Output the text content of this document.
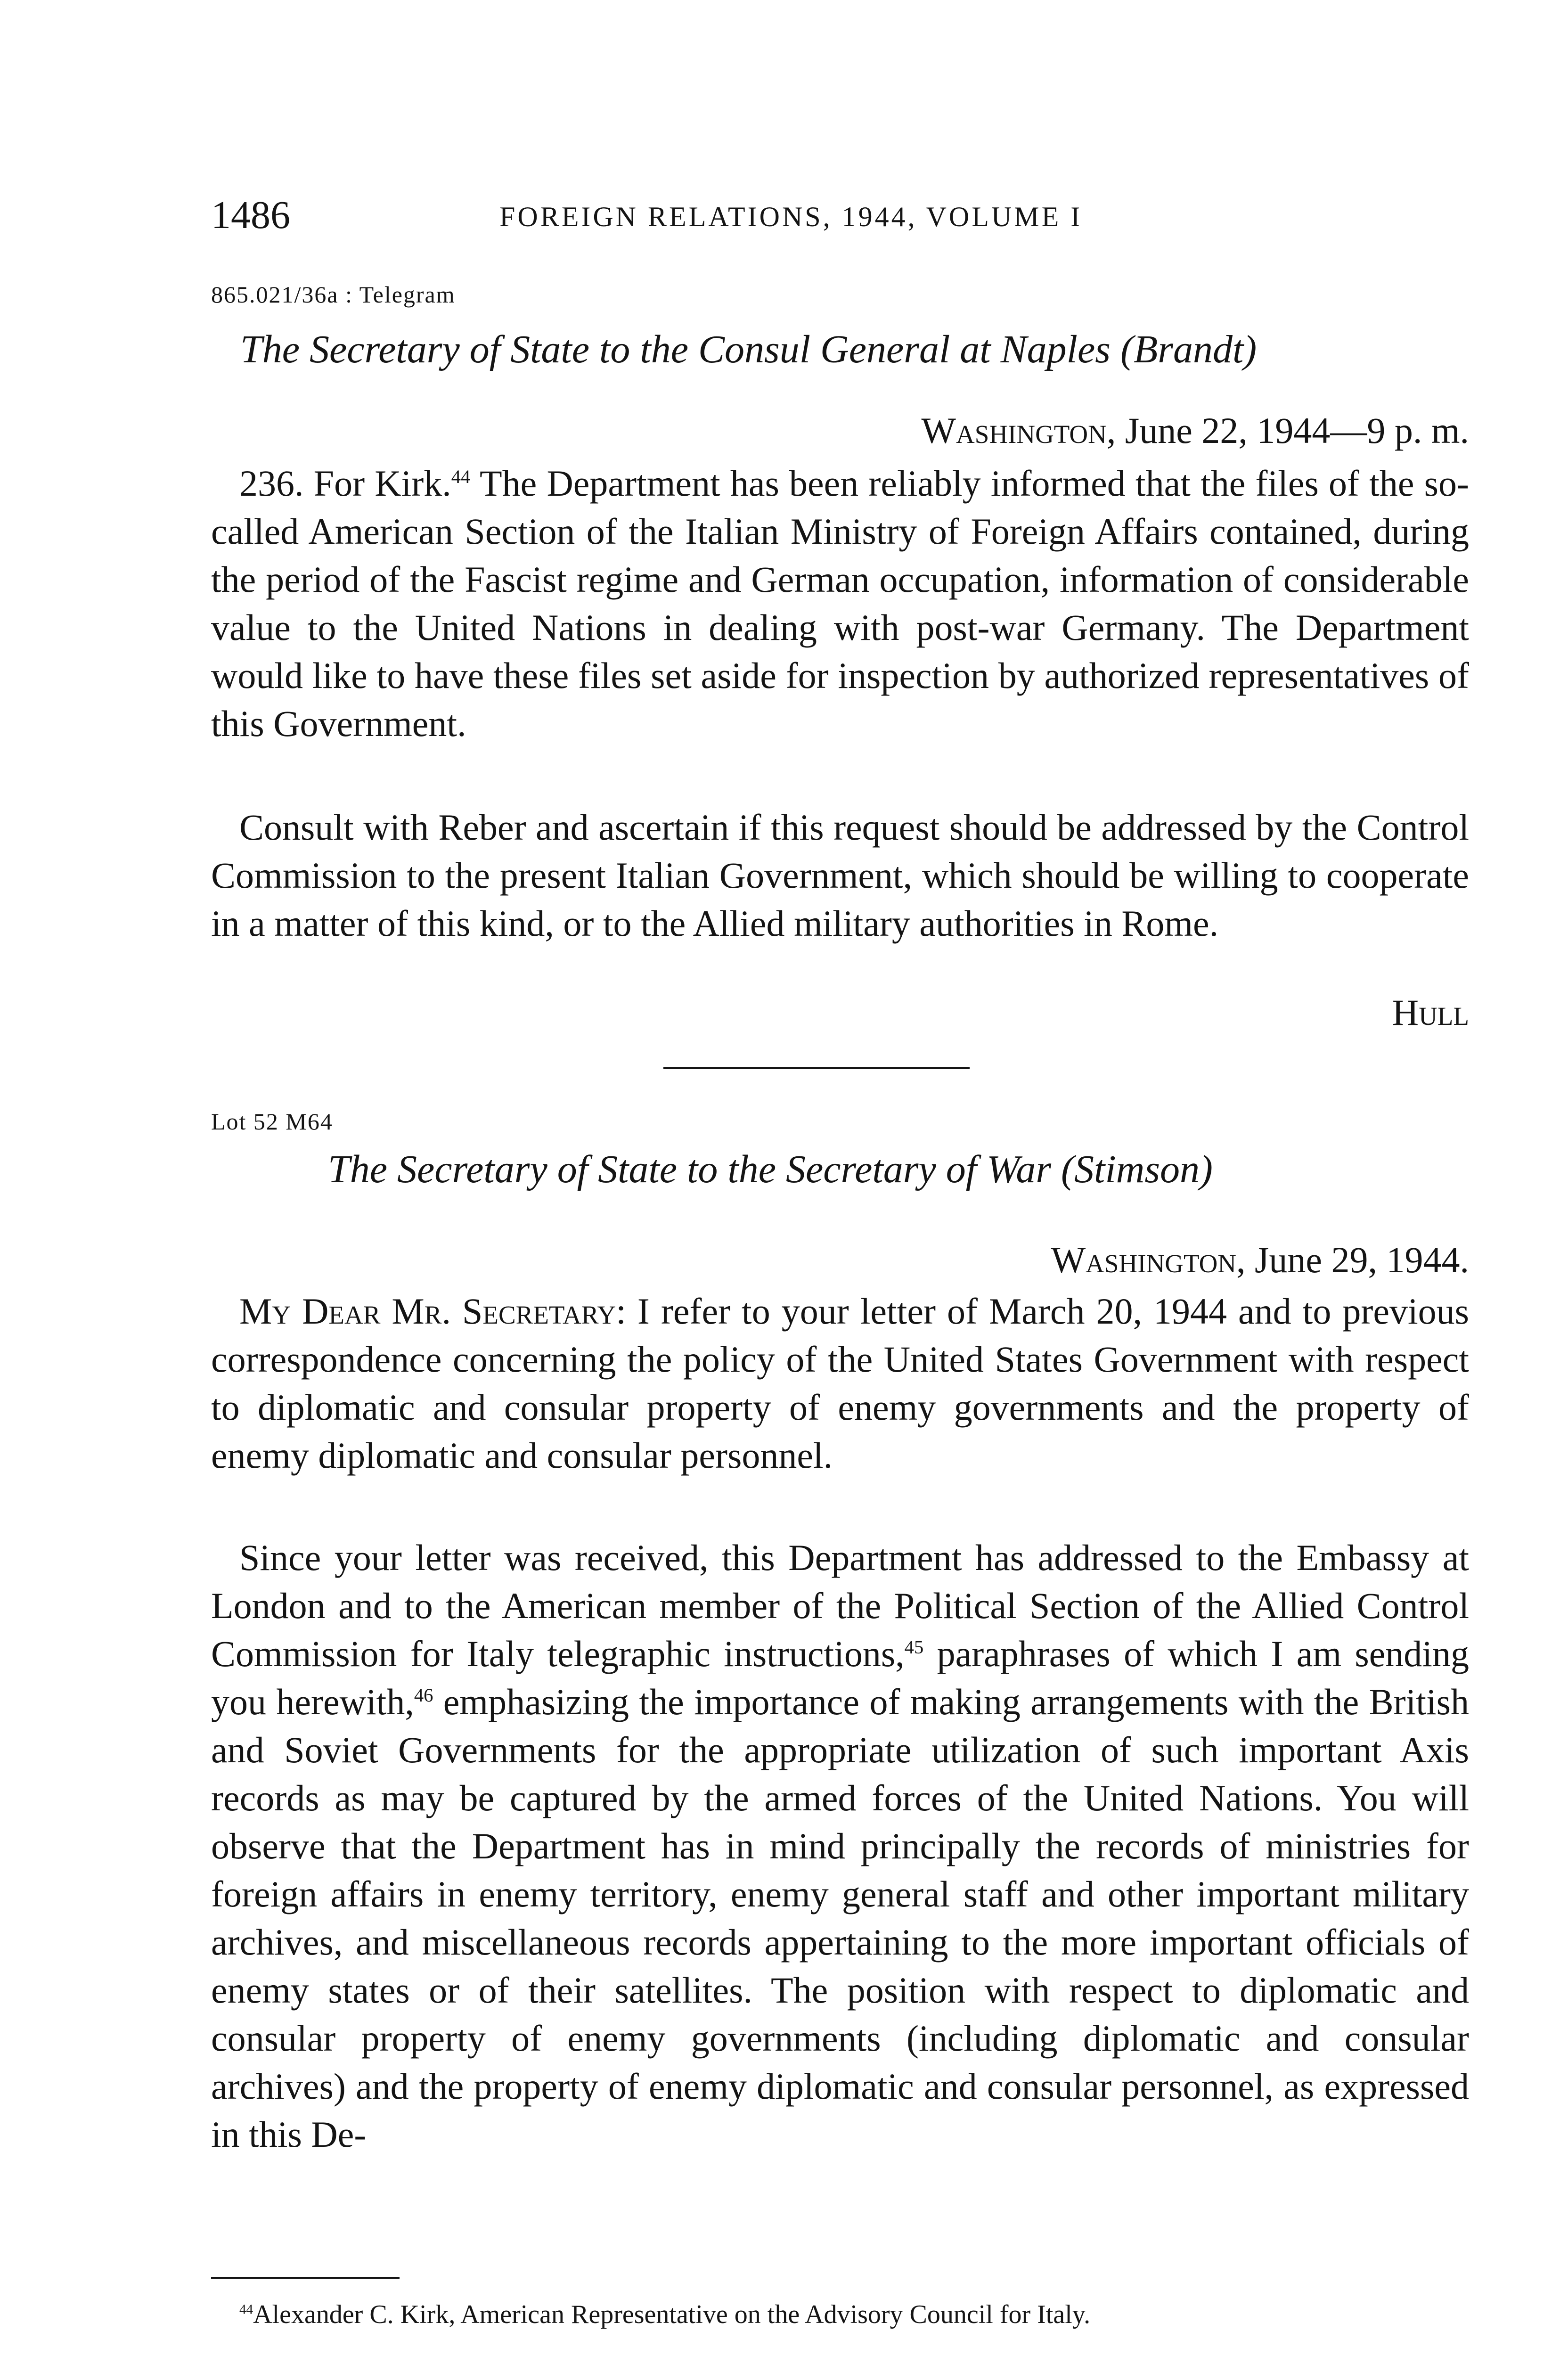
1486	FOREIGN RELATIONS, 1944, VOLUME I
865.021/36a : Telegram
The Secretary of State to the Consul General at Naples (Brandt)
Washington, June 22, 1944—9 p. m.

236. For Kirk.$^{44}$ The Department has been reliably informed that the files of the so-called American Section of the Italian Ministry of Foreign Affairs contained, during the period of the Fascist regime and German occupation, information of considerable value to the United Nations in dealing with post-war Germany. The Department would like to have these files set aside for inspection by authorized representatives of this Government.

Consult with Reber and ascertain if this request should be addressed by the Control Commission to the present Italian Government, which should be willing to cooperate in a matter of this kind, or to the Allied military authorities in Rome.

Hull
Lot 52 M64
The Secretary of State to the Secretary of War (Stimson)
Washington, June 29, 1944.

My Dear Mr. Secretary: I refer to your letter of March 20, 1944 and to previous correspondence concerning the policy of the United States Government with respect to diplomatic and consular property of enemy governments and the property of enemy diplomatic and consular personnel.

Since your letter was received, this Department has addressed to the Embassy at London and to the American member of the Political Section of the Allied Control Commission for Italy telegraphic instructions,$^{45}$ paraphrases of which I am sending you herewith,$^{46}$ emphasizing the importance of making arrangements with the British and Soviet Governments for the appropriate utilization of such important Axis records as may be captured by the armed forces of the United Nations. You will observe that the Department has in mind principally the records of ministries for foreign affairs in enemy territory, enemy general staff and other important military archives, and miscellaneous records appertaining to the more important officials of enemy states or of their satellites. The position with respect to diplomatic and consular property of enemy governments (including diplomatic and consular archives) and the property of enemy diplomatic and consular personnel, as expressed in this De-

$^{44}$Alexander C. Kirk, American Representative on the Advisory Council for Italy.
